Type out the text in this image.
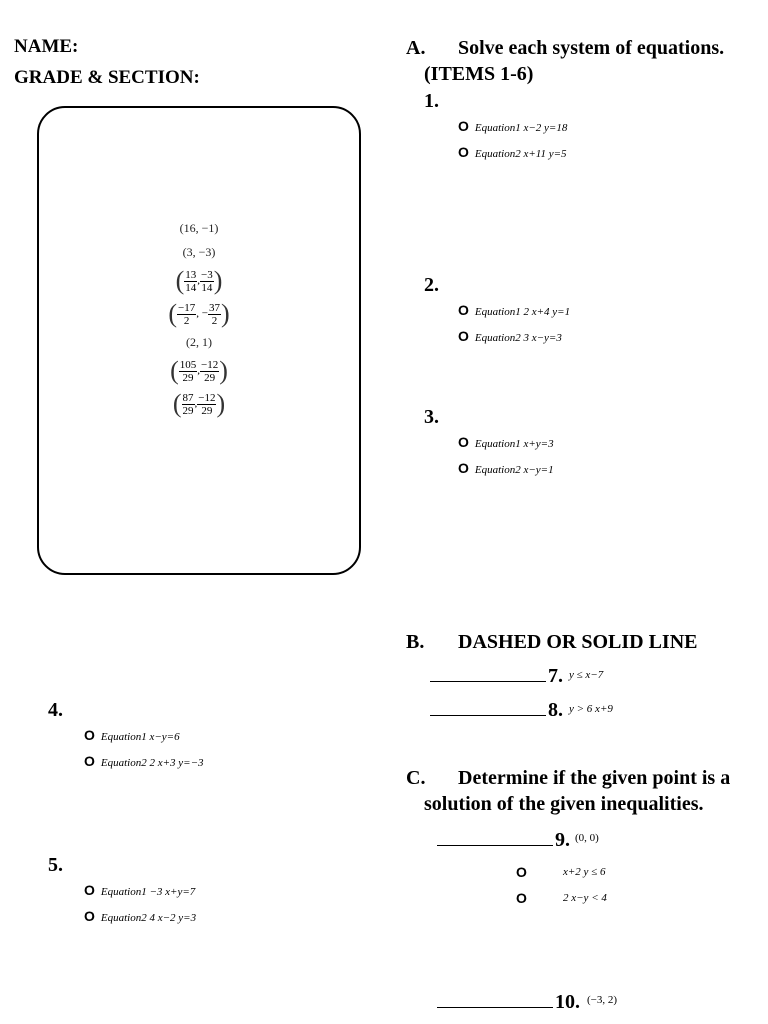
NAME:
GRADE & SECTION:
(16, −1)
(3, −3)
( $\frac{13}{14}$ , $\frac{-3}{14}$ )
( $\frac{-17}{2}$ , − $\frac{37}{2}$ )
(2, 1)
( $\frac{105}{29}$ , $\frac{-12}{29}$ )
( $\frac{87}{29}$ , $\frac{-12}{29}$ )
A. Solve each system of equations.
(ITEMS 1-6)
1.
O Equation1 x−2 y=18
O Equation2 x+11 y=5
2.
O Equation1 2 x+4 y=1
O Equation2 3 x−y=3
3.
O Equation1 x+y=3
O Equation2 x−y=1
4.
O Equation1 x−y=6
O Equation2 2 x+3 y=−3
5.
O Equation1 −3 x+y=7
O Equation2 4 x−2 y=3
B. DASHED OR SOLID LINE
7. y ≤ x−7
8. y > 6 x+9
C. Determine if the given point is a
solution of the given inequalities.
9. (0, 0)
O	x+2 y ≤ 6
O	2 x−y < 4
10. (−3, 2)
